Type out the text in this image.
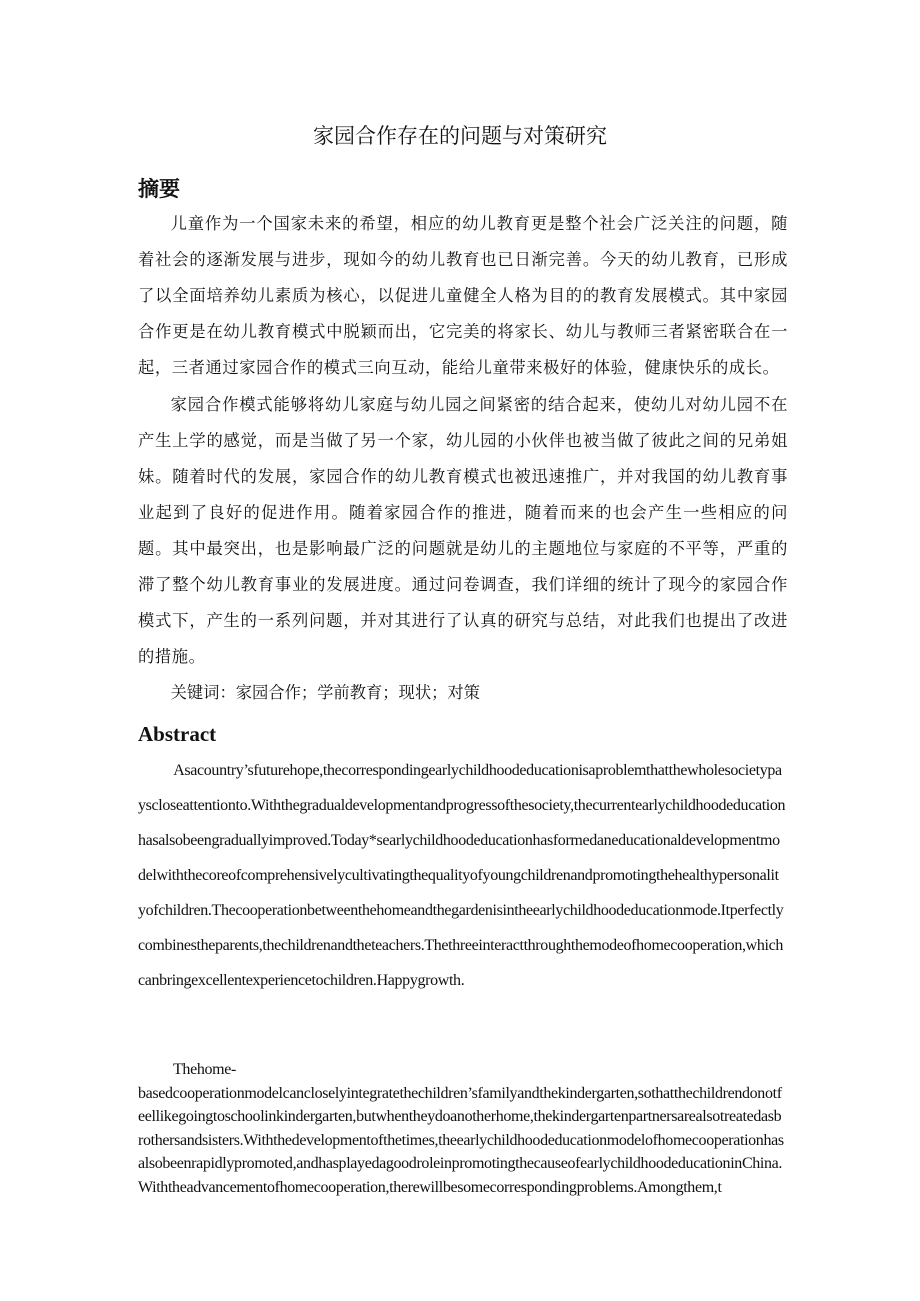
家园合作存在的问题与对策研究
摘要

儿童作为一个国家未来的希望，相应的幼儿教育更是整个社会广泛关注的问题，随着社会的逐渐发展与进步，现如今的幼儿教育也已日渐完善。今天的幼儿教育，已形成了以全面培养幼儿素质为核心，以促进儿童健全人格为目的的教育发展模式。其中家园合作更是在幼儿教育模式中脱颖而出，它完美的将家长、幼儿与教师三者紧密联合在一起，三者通过家园合作的模式三向互动，能给儿童带来极好的体验，健康快乐的成长。

家园合作模式能够将幼儿家庭与幼儿园之间紧密的结合起来，使幼儿对幼儿园不在产生上学的感觉，而是当做了另一个家，幼儿园的小伙伴也被当做了彼此之间的兄弟姐妹。随着时代的发展，家园合作的幼儿教育模式也被迅速推广，并对我国的幼儿教育事业起到了良好的促进作用。随着家园合作的推进，随着而来的也会产生一些相应的问题。其中最突出，也是影响最广泛的问题就是幼儿的主题地位与家庭的不平等，严重的滞了整个幼儿教育事业的发展进度。通过问卷调查，我们详细的统计了现今的家园合作模式下，产生的一系列问题，并对其进行了认真的研究与总结，对此我们也提出了改进的措施。

关键词：家园合作；学前教育；现状；对策

Abstract

Asacountry’sfuturehope,thecorrespondingearlychildhoodeducationisaproblemthatthewholesocietypayscloseattentionto.Withthegradualdevelopmentandprogressofthesociety,thecurrentearlychildhoodeducationhasalsobeengraduallyimproved.Today*searlychildhoodeducationhasformedaneducationaldevelopmentmodelwiththecoreofcomprehensivelycultivatingthequalityofyoungchildrenandpromotingthehealthypersonalityofchildren.Thecooperationbetweenthehomeandthegardenisintheearlychildhoodeducationmode.Itperfectlycombinestheparents,thechildrenandtheteachers.Thethreeinteractthroughthemodeofhomecooperation,whichcanbringexcellentexperiencetochildren.Happygrowth.

Thehome-
basedcooperationmodelcancloselyintegratethechildren’sfamilyandthekindergarten,sothatthechildrendonotfeellikegoingtoschoolinkindergarten,butwhentheydoanotherhome,thekindergartenpartnersarealsotreatedasbrothersandsisters.Withthedevelopmentofthetimes,theearlychildhoodeducationmodelofhomecooperationhasalsobeenrapidlypromoted,andhasplayedagoodroleinpromotingthecauseofearlychildhoodeducationinChina.Withtheadvancementofhomecooperation,therewillbesomecorrespondingproblems.Amongthem,t
